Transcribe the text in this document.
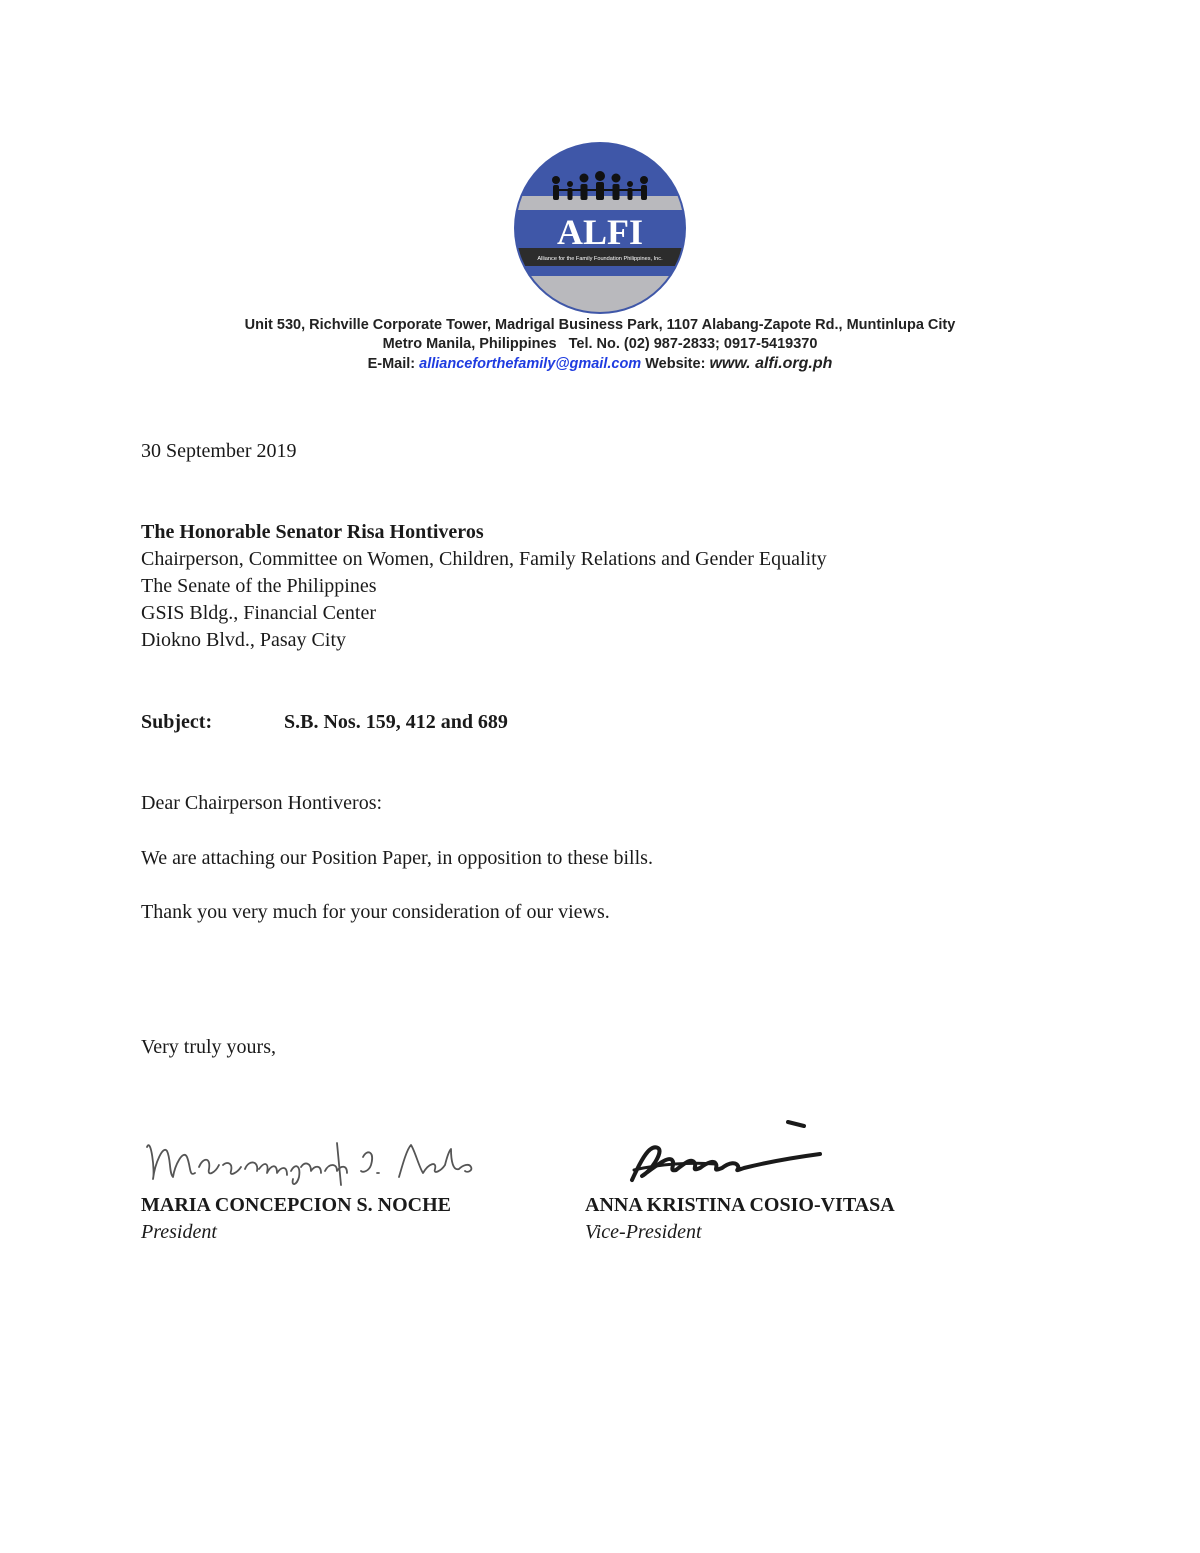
ALFI
Alliance for the Family Foundation Philippines, Inc.
Unit 530, Richville Corporate Tower, Madrigal Business Park, 1107 Alabang-Zapote Rd., Muntinlupa City
Metro Manila, Philippines Tel. No. (02) 987-2833; 0917-5419370
E-Mail: allianceforthefamily@gmail.com Website: www. alfi.org.ph
30 September 2019
The Honorable Senator Risa Hontiveros
Chairperson, Committee on Women, Children, Family Relations and Gender Equality
The Senate of the Philippines
GSIS Bldg., Financial Center
Diokno Blvd., Pasay City
Subject:	S.B. Nos. 159, 412 and 689
Dear Chairperson Hontiveros:
We are attaching our Position Paper, in opposition to these bills.
Thank you very much for your consideration of our views.
Very truly yours,
MARIA CONCEPCION S. NOCHE
President
ANNA KRISTINA COSIO-VITASA
Vice-President
